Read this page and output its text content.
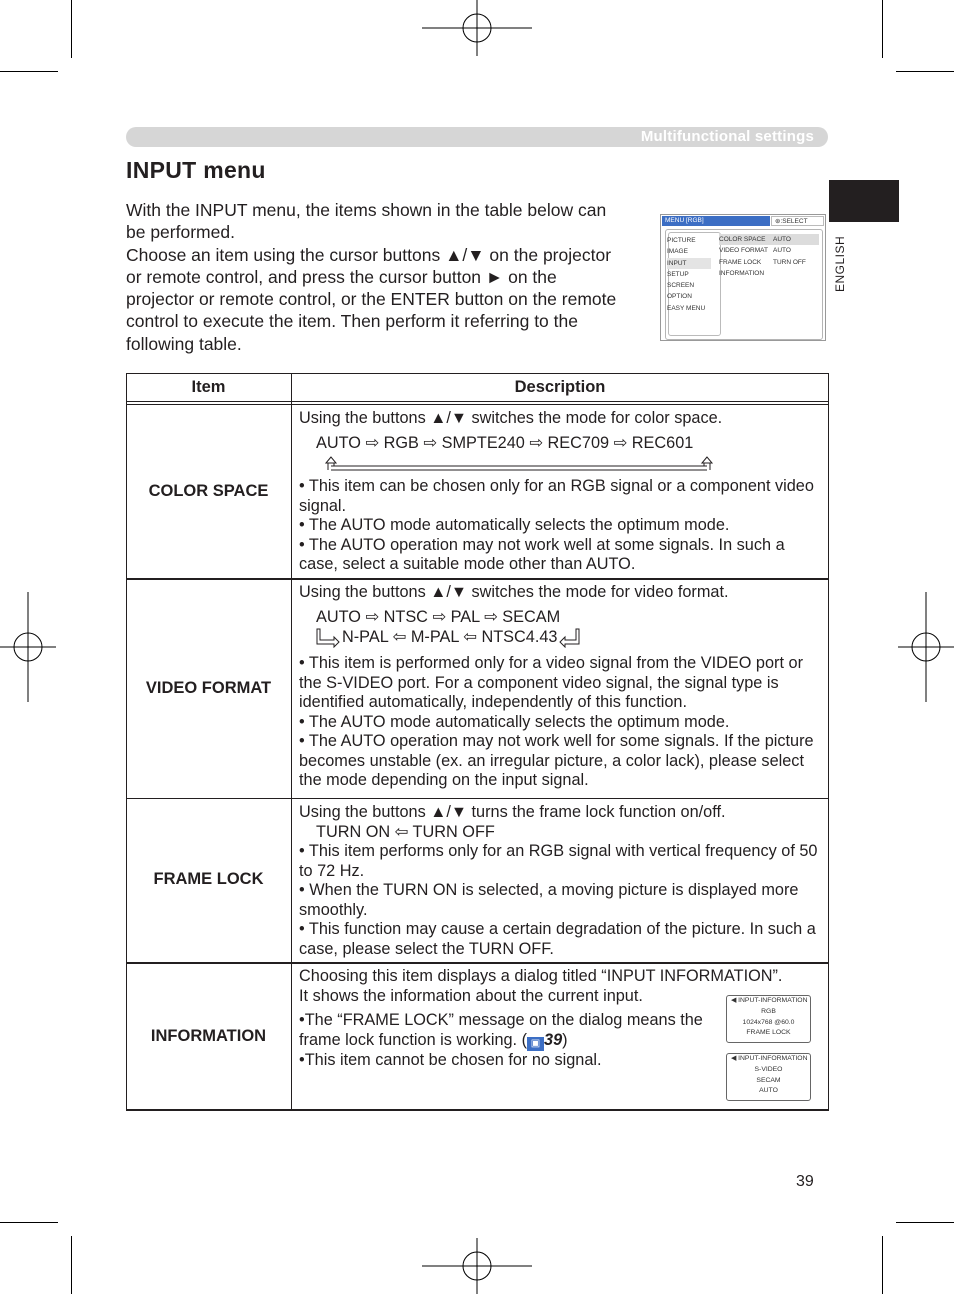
Multifunctional settings
INPUT menu
ENGLISH

With the INPUT menu, the items shown in the table below can be performed.

Choose an item using the cursor buttons ▲/▼ on the projector or remote control, and press the cursor button ► on the projector or remote control, or the ENTER button on the remote control to execute the item. Then perform it referring to the following table.

MENU [RGB]	⊛:SELECT
PICTURE
IMAGE
INPUT
SETUP
SCREEN
OPTION
EASY MENU
COLOR SPACE	AUTO
VIDEO FORMAT AUTO
FRAME LOCK	TURN OFF
INFORMATION
Item	Description
COLOR SPACE

Using the buttons ▲/▼ switches the mode for color space.

AUTO ⇨ RGB ⇨ SMPTE240 ⇨ REC709 ⇨ REC601

• This item can be chosen only for an RGB signal or a component video signal.

• The AUTO mode automatically selects the optimum mode.

• The AUTO operation may not work well at some signals. In such a case, select a suitable mode other than AUTO.

VIDEO FORMAT

Using the buttons ▲/▼ switches the mode for video format.

AUTO ⇨ NTSC ⇨ PAL ⇨ SECAM

N-PAL ⇦ M-PAL ⇦ NTSC4.43

• This item is performed only for a video signal from the VIDEO port or the S-VIDEO port. For a component video signal, the signal type is identified automatically, independently of this function.

• The AUTO mode automatically selects the optimum mode.

• The AUTO operation may not work well for some signals. If the picture becomes unstable (ex. an irregular picture, a color lack), please select the mode depending on the input signal.

FRAME LOCK

Using the buttons ▲/▼ turns the frame lock function on/off.

TURN ON ⇦ TURN OFF

• This item performs only for an RGB signal with vertical frequency of 50 to 72 Hz.

• When the TURN ON is selected, a moving picture is displayed more smoothly.

• This function may cause a certain degradation of the picture. In such a case, please select the TURN OFF.

INFORMATION

Choosing this item displays a dialog titled “INPUT INFORMATION”.

It shows the information about the current input.

•The “FRAME LOCK” message on the dialog means the frame lock function is working. ( ▣ 39)

•This item cannot be chosen for no signal.

◀ INPUT-INFORMATION
RGB
1024x768 @60.0
FRAME LOCK
◀ INPUT-INFORMATION
S-VIDEO
SECAM
AUTO
39
